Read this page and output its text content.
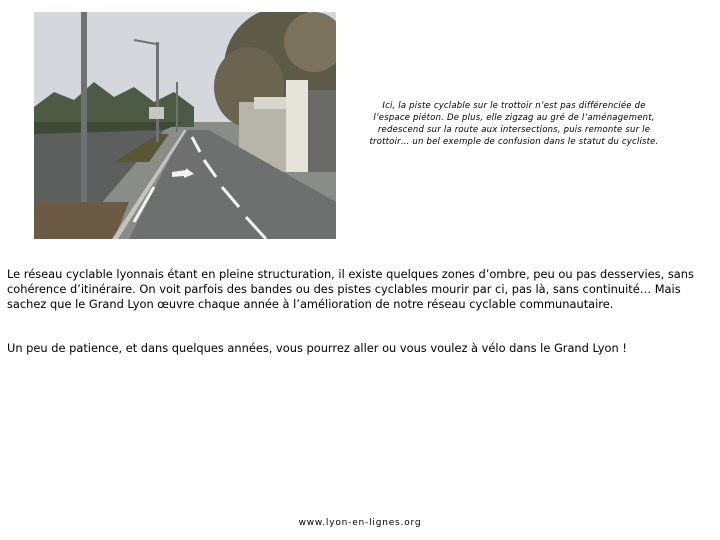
Ici, la piste cyclable sur le trottoir n’est pas différenciée de l’espace piéton. De plus, elle zigzag au gré de l’aménagement, redescend sur la route aux intersections, puis remonte sur le trottoir… un bel exemple de confusion dans le statut du cycliste.
Le réseau cyclable lyonnais étant en pleine structuration, il existe quelques zones d’ombre, peu ou pas desservies, sans cohérence d’itinéraire. On voit parfois des bandes ou des pistes cyclables mourir par ci, pas là, sans continuité… Mais sachez que le Grand Lyon œuvre chaque année à l’amélioration de notre réseau cyclable communautaire.
Un peu de patience, et dans quelques années, vous pourrez aller ou vous voulez à vélo dans le Grand Lyon !
www.lyon-en-lignes.org
